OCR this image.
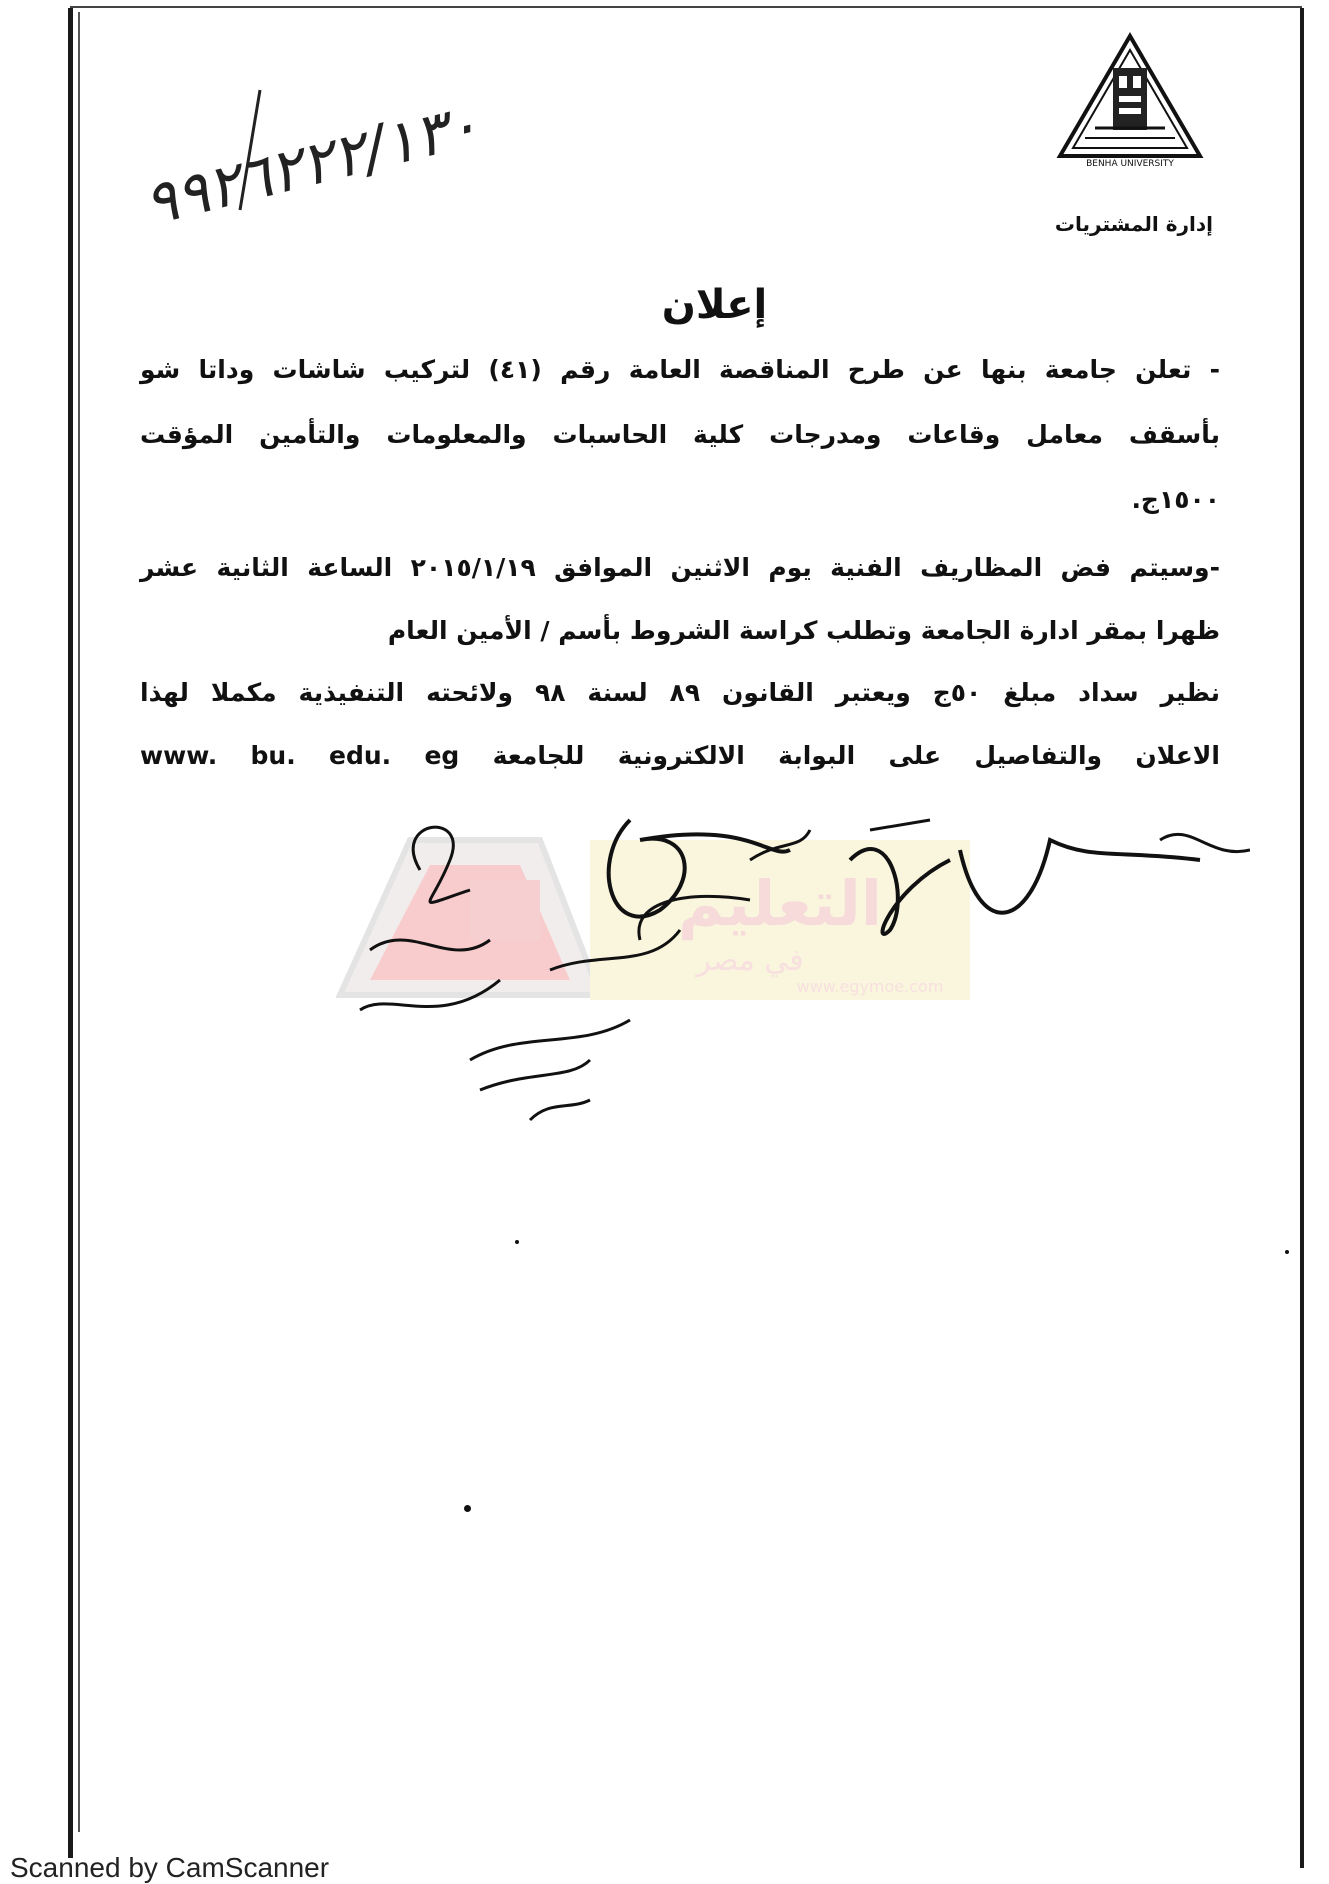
BENHA UNIVERSITY
إدارة المشتريات
٩٩٢٦٢٢٢/١٣٠
إعلان
- تعلن جامعة بنها عن طرح المناقصة العامة رقم (٤١) لتركيب شاشات وداتا شو
بأسقف معامل وقاعات ومدرجات كلية الحاسبات والمعلومات والتأمين المؤقت
١٥٠٠ج.
-وسيتم فض المظاريف الفنية يوم الاثنين الموافق ٢٠١٥/١/١٩ الساعة الثانية عشر
ظهرا بمقر ادارة الجامعة وتطلب كراسة الشروط بأسم / الأمين العام
نظير سداد مبلغ ٥٠ج ويعتبر القانون ٨٩ لسنة ٩٨ ولائحته التنفيذية مكملا لهذا
الاعلان والتفاصيل على البوابة الالكترونية للجامعة www. bu. edu. eg
التعليم
في مصر
www.egymoe.com
Scanned by CamScanner
